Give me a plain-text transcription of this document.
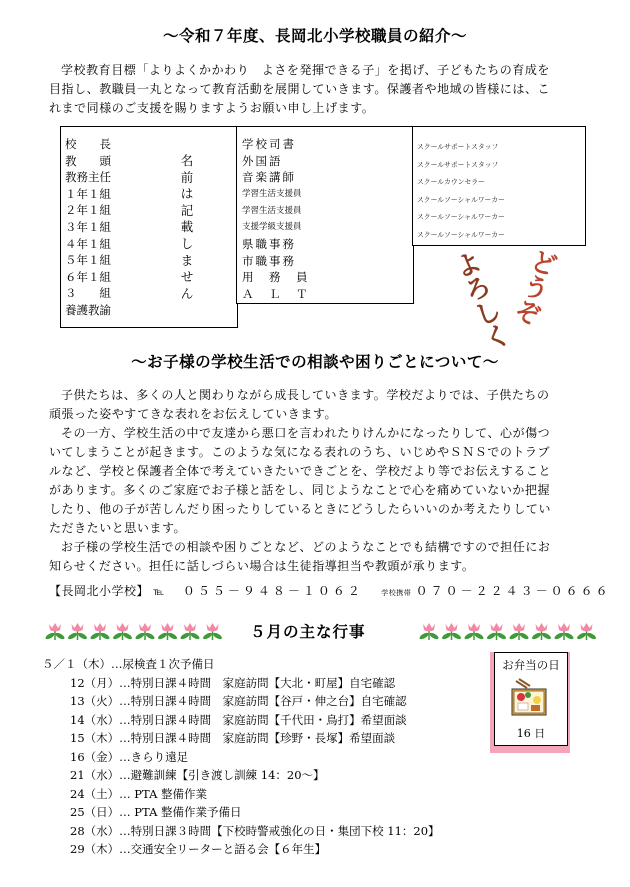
～令和７年度、長岡北小学校職員の紹介～
学校教育目標「よりよくかかわり　よさを発揮できる子」を掲げ、子どもたちの育成を
目指し、教職員一丸となって教育活動を展開していきます。保護者や地域の皆様には、こ
れまで同様のご支援を賜りますようお願い申し上げます。
校　　長
教　　頭
教務主任
１年１組
２年１組
３年１組
４年１組
５年１組
６年１組
３　　組
養護教諭
名
前
は
記
載
し
ま
せ
ん
学校司書
外国語
音楽講師
学習生活支援員
学習生活支援員
支援学級支援員
県職事務
市職事務
用　務　員
Ａ　Ｌ　Ｔ
スクールサポートスタッフ
スクールサポートスタッフ
スクールカウンセラー
スクールソーシャルワーカー
スクールソーシャルワーカー
スクールソーシャルワーカー
どうぞ
よろしく
～お子様の学校生活での相談や困りごとについて～
子供たちは、多くの人と関わりながら成長していきます。学校だよりでは、子供たちの
頑張った姿やすてきな表れをお伝えしていきます。
その一方、学校生活の中で友達から悪口を言われたりけんかになったりして、心が傷つ
いてしまうことが起きます。このような気になる表れのうち、いじめやＳＮＳでのトラブ
ルなど、学校と保護者全体で考えていきたいできごとを、学校だより等でお伝えすること
があります。多くのご家庭でお子様と話をし、同じようなことで心を痛めていないか把握
したり、他の子が苦しんだり困ったりしているときにどうしたらいいのか考えたりしてい
ただきたいと思います。
お子様の学校生活での相談や困りごとなど、どのようなことでも結構ですので担任にお
知らせください。担任に話しづらい場合は生徒指導担当や教頭が承ります。
【長岡北小学校】 ℡ ０５５－９４８－１０６２	学校携帯 ０７０－２２４３－０６６６
５月の主な行事
５／１（木）…尿検査１次予備日
12（月）…特別日課４時間　家庭訪問【大北・町屋】自宅確認
13（火）…特別日課４時間　家庭訪問【谷戸・伸之台】自宅確認
14（水）…特別日課４時間　家庭訪問【千代田・鳥打】希望面談
15（木）…特別日課４時間　家庭訪問【珍野・長塚】希望面談
16（金）…きらり遠足
21（水）…避難訓練【引き渡し訓練 14：20～】
24（土）… PTA 整備作業
25（日）… PTA 整備作業予備日
28（水）…特別日課３時間【下校時警戒強化の日・集団下校 11：20】
29（木）…交通安全リーターと語る会【６年生】
お弁当の日
16 日
